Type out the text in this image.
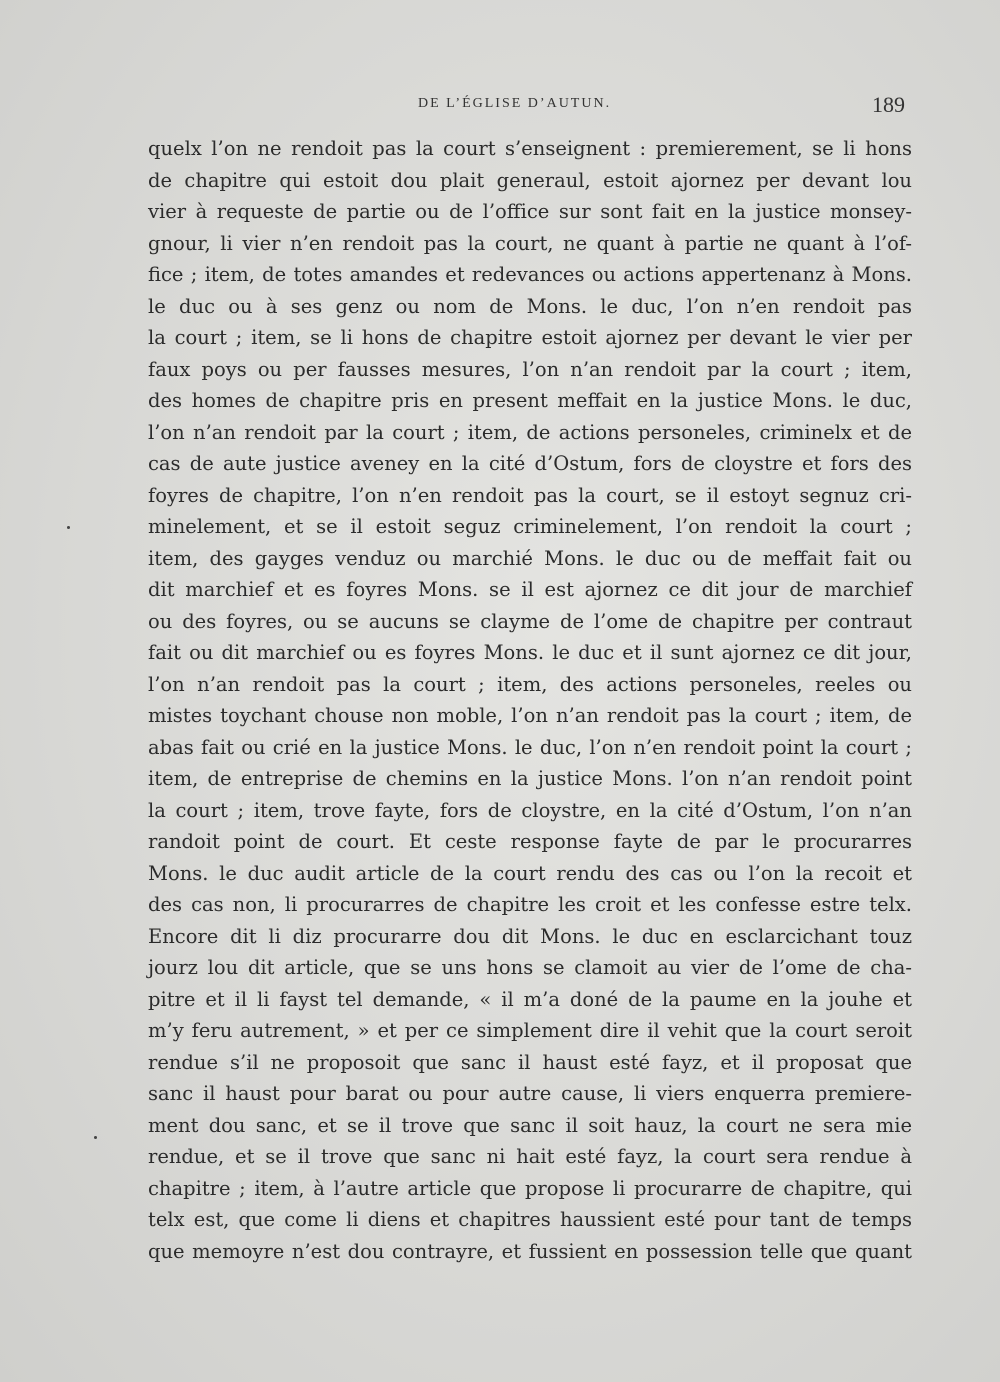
DE L’ÉGLISE D’AUTUN.	189
quelx l’on ne rendoit pas la court s’enseignent : premierement, se li hons
de chapitre qui estoit dou plait generaul, estoit ajornez per devant lou
vier à requeste de partie ou de l’office sur sont fait en la justice monsey-
gnour, li vier n’en rendoit pas la court, ne quant à partie ne quant à l’of-
fice ; item, de totes amandes et redevances ou actions appertenanz à Mons.
le duc ou à ses genz ou nom de Mons. le duc, l’on n’en rendoit pas
la court ; item, se li hons de chapitre estoit ajornez per devant le vier per
faux poys ou per fausses mesures, l’on n’an rendoit par la court ; item,
des homes de chapitre pris en present meffait en la justice Mons. le duc,
l’on n’an rendoit par la court ; item, de actions personeles, criminelx et de
cas de aute justice aveney en la cité d’Ostum, fors de cloystre et fors des
foyres de chapitre, l’on n’en rendoit pas la court, se il estoyt segnuz cri-
minelement, et se il estoit seguz criminelement, l’on rendoit la court ;
item, des gayges venduz ou marchié Mons. le duc ou de meffait fait ou
dit marchief et es foyres Mons. se il est ajornez ce dit jour de marchief
ou des foyres, ou se aucuns se clayme de l’ome de chapitre per contraut
fait ou dit marchief ou es foyres Mons. le duc et il sunt ajornez ce dit jour,
l’on n’an rendoit pas la court ; item, des actions personeles, reeles ou
mistes toychant chouse non moble, l’on n’an rendoit pas la court ; item, de
abas fait ou crié en la justice Mons. le duc, l’on n’en rendoit point la court ;
item, de entreprise de chemins en la justice Mons. l’on n’an rendoit point
la court ; item, trove fayte, fors de cloystre, en la cité d’Ostum, l’on n’an
randoit point de court. Et ceste response fayte de par le procurarres
Mons. le duc audit article de la court rendu des cas ou l’on la recoit et
des cas non, li procurarres de chapitre les croit et les confesse estre telx.
Encore dit li diz procurarre dou dit Mons. le duc en esclarcichant touz
jourz lou dit article, que se uns hons se clamoit au vier de l’ome de cha-
pitre et il li fayst tel demande, « il m’a doné de la paume en la jouhe et
m’y feru autrement, » et per ce simplement dire il vehit que la court seroit
rendue s’il ne proposoit que sanc il haust esté fayz, et il proposat que
sanc il haust pour barat ou pour autre cause, li viers enquerra premiere-
ment dou sanc, et se il trove que sanc il soit hauz, la court ne sera mie
rendue, et se il trove que sanc ni hait esté fayz, la court sera rendue à
chapitre ; item, à l’autre article que propose li procurarre de chapitre, qui
telx est, que come li diens et chapitres haussient esté pour tant de temps
que memoyre n’est dou contrayre, et fussient en possession telle que quant
